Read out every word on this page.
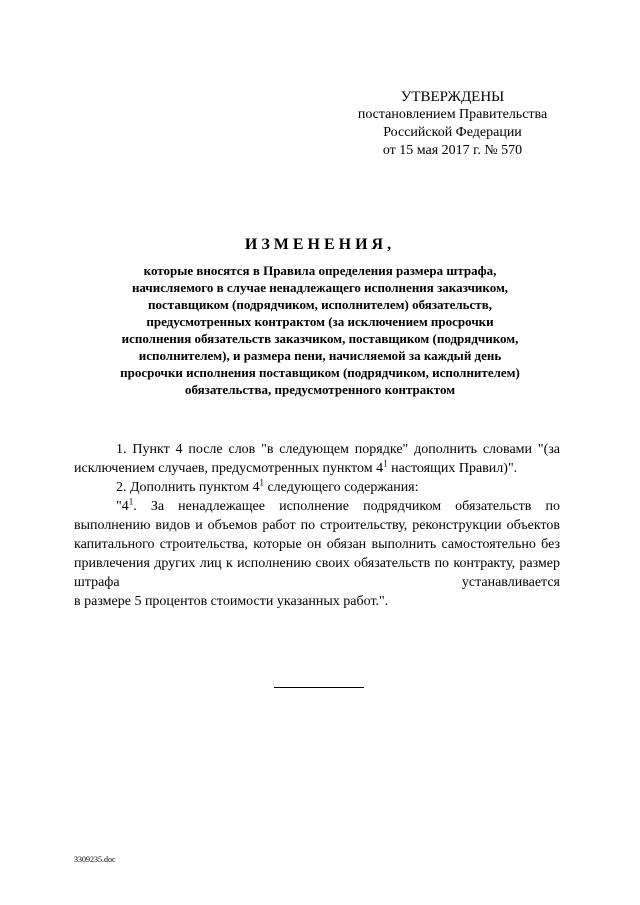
УТВЕРЖДЕНЫ
постановлением Правительства
Российской Федерации
от 15 мая 2017 г. № 570
ИЗМЕНЕНИЯ,
которые вносятся в Правила определения размера штрафа,
начисляемого в случае ненадлежащего исполнения заказчиком,
поставщиком (подрядчиком, исполнителем) обязательств,
предусмотренных контрактом (за исключением просрочки
исполнения обязательств заказчиком, поставщиком (подрядчиком,
исполнителем), и размера пени, начисляемой за каждый день
просрочки исполнения поставщиком (подрядчиком, исполнителем)
обязательства, предусмотренного контрактом

1. Пункт 4 после слов "в следующем порядке" дополнить словами "(за исключением случаев, предусмотренных пунктом $4^1$ настоящих Правил)".

2. Дополнить пунктом $4^1$ следующего содержания:

"$4^1$. За ненадлежащее исполнение подрядчиком обязательств по выполнению видов и объемов работ по строительству, реконструкции объектов капитального строительства, которые он обязан выполнить самостоятельно без привлечения других лиц к исполнению своих обязательств по контракту, размер штрафа устанавливается

в размере 5 процентов стоимости указанных работ.".

3309235.doc
